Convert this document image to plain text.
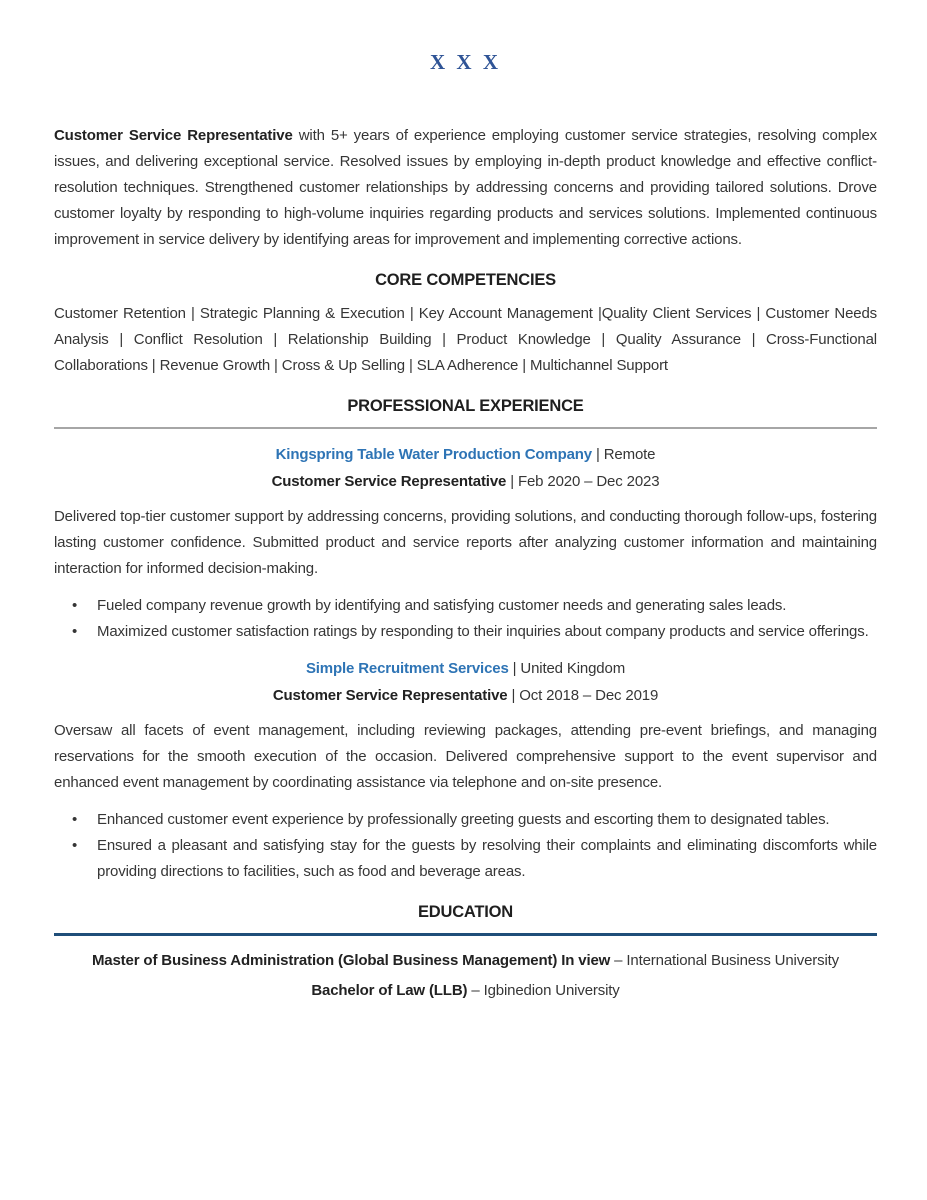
X X X

Customer Service Representative with 5+ years of experience employing customer service strategies, resolving complex issues, and delivering exceptional service. Resolved issues by employing in-depth product knowledge and effective conflict-resolution techniques. Strengthened customer relationships by addressing concerns and providing tailored solutions. Drove customer loyalty by responding to high-volume inquiries regarding products and services solutions. Implemented continuous improvement in service delivery by identifying areas for improvement and implementing corrective actions.

CORE COMPETENCIES

Customer Retention | Strategic Planning & Execution | Key Account Management |Quality Client Services | Customer Needs Analysis | Conflict Resolution | Relationship Building | Product Knowledge | Quality Assurance | Cross-Functional Collaborations | Revenue Growth | Cross & Up Selling | SLA Adherence | Multichannel Support

PROFESSIONAL EXPERIENCE

Kingspring Table Water Production Company | Remote

Customer Service Representative | Feb 2020 – Dec 2023

Delivered top-tier customer support by addressing concerns, providing solutions, and conducting thorough follow-ups, fostering lasting customer confidence. Submitted product and service reports after analyzing customer information and maintaining interaction for informed decision-making.

• Fueled company revenue growth by identifying and satisfying customer needs and generating sales leads.
• Maximized customer satisfaction ratings by responding to their inquiries about company products and service offerings.

Simple Recruitment Services | United Kingdom

Customer Service Representative | Oct 2018 – Dec 2019

Oversaw all facets of event management, including reviewing packages, attending pre-event briefings, and managing reservations for the smooth execution of the occasion. Delivered comprehensive support to the event supervisor and enhanced event management by coordinating assistance via telephone and on-site presence.

• Enhanced customer event experience by professionally greeting guests and escorting them to designated tables.
• Ensured a pleasant and satisfying stay for the guests by resolving their complaints and eliminating discomforts while providing directions to facilities, such as food and beverage areas.
EDUCATION

Master of Business Administration (Global Business Management) In view – International Business University

Bachelor of Law (LLB) – Igbinedion University
